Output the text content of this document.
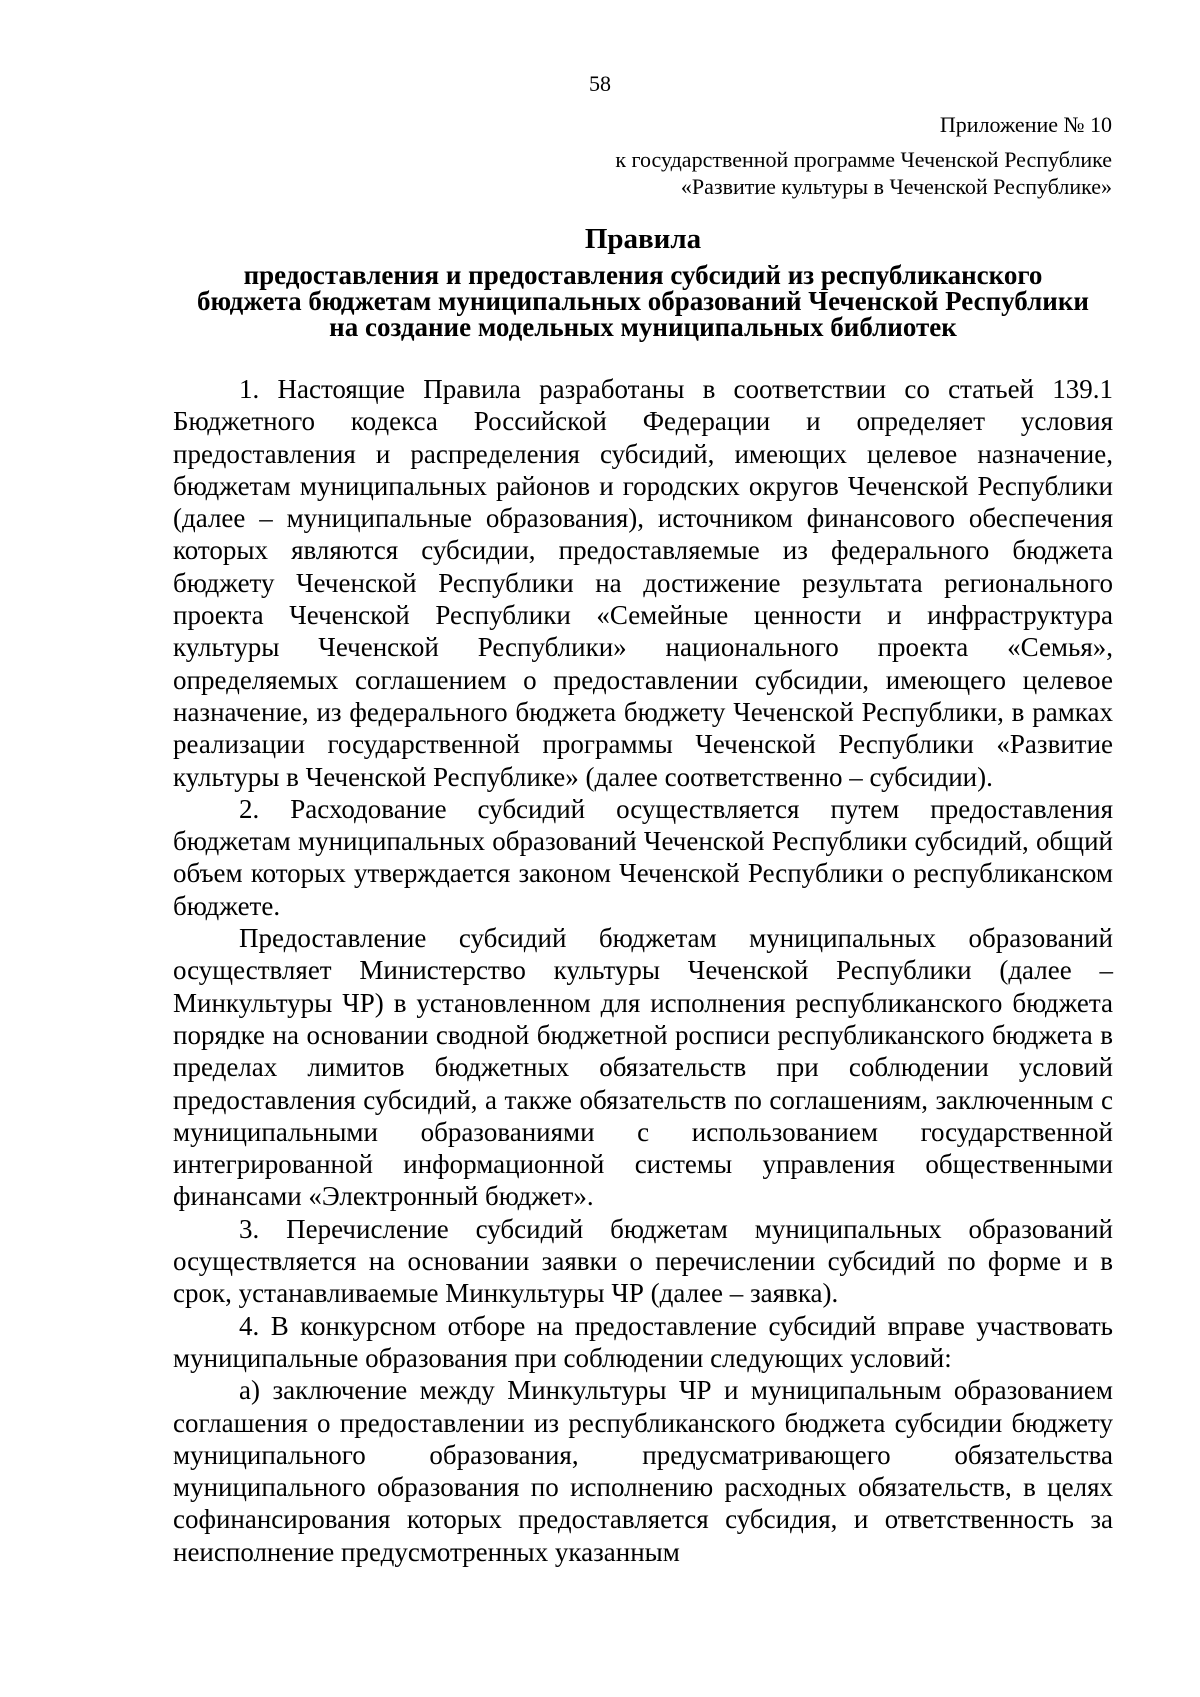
58
Приложение № 10
к государственной программе Чеченской Республике
«Развитие культуры в Чеченской Республике»
Правила
предоставления и предоставления субсидий из республиканского
бюджета бюджетам муниципальных образований Чеченской Республики
на создание модельных муниципальных библиотек

1. Настоящие Правила разработаны в соответствии со статьей 139.1 Бюджетного кодекса Российской Федерации и определяет условия предоставления и распределения субсидий, имеющих целевое назначение, бюджетам муниципальных районов и городских округов Чеченской Республики (далее – муниципальные образования), источником финансового обеспечения которых являются субсидии, предоставляемые из федерального бюджета бюджету Чеченской Республики на достижение результата регионального проекта Чеченской Республики «Семейные ценности и инфраструктура культуры Чеченской Республики» национального проекта «Семья», определяемых соглашением о предоставлении субсидии, имеющего целевое назначение, из федерального бюджета бюджету Чеченской Республики, в рамках реализации государственной программы Чеченской Республики «Развитие культуры в Чеченской Республике» (далее соответственно – субсидии).

2. Расходование субсидий осуществляется путем предоставления бюджетам муниципальных образований Чеченской Республики субсидий, общий объем которых утверждается законом Чеченской Республики о республиканском бюджете.

Предоставление субсидий бюджетам муниципальных образований осуществляет Министерство культуры Чеченской Республики (далее – Минкультуры ЧР) в установленном для исполнения республиканского бюджета порядке на основании сводной бюджетной росписи республиканского бюджета в пределах лимитов бюджетных обязательств при соблюдении условий предоставления субсидий, а также обязательств по соглашениям, заключенным с муниципальными образованиями с использованием государственной интегрированной информационной системы управления общественными финансами «Электронный бюджет».

3. Перечисление субсидий бюджетам муниципальных образований осуществляется на основании заявки о перечислении субсидий по форме и в срок, устанавливаемые Минкультуры ЧР (далее – заявка).

4. В конкурсном отборе на предоставление субсидий вправе участвовать муниципальные образования при соблюдении следующих условий:

а) заключение между Минкультуры ЧР и муниципальным образованием соглашения о предоставлении из республиканского бюджета субсидии бюджету муниципального образования, предусматривающего обязательства муниципального образования по исполнению расходных обязательств, в целях софинансирования которых предоставляется субсидия, и ответственность за неисполнение предусмотренных указанным
